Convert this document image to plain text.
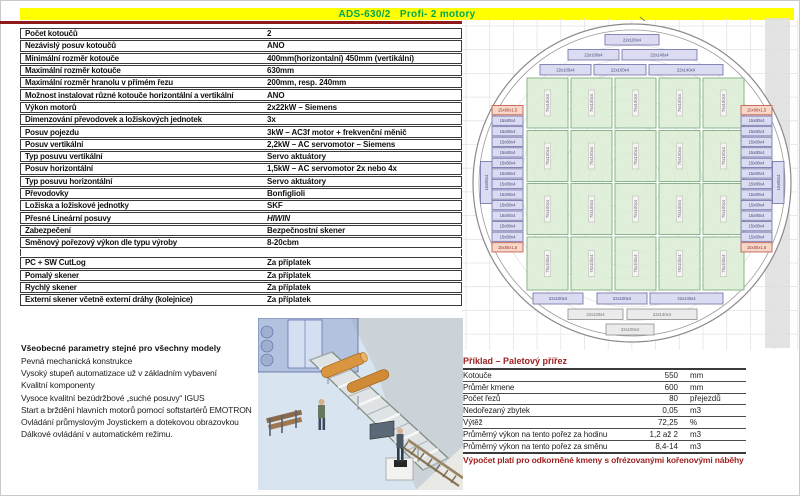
ADS-630/2   Profi- 2 motory
Počet kotoučů	2
Nezávislý posuv kotoučů	ANO
Minimální rozměr kotouče	400mm(horizontalní) 450mm (vertikální)
Maximální rozměr kotouče	630mm
Maximální rozměr hranolu v přímém řezu	200mm, resp. 240mm
Možnost instalovat různé kotouče horizontální a vertikální	ANO
Výkon motorů	2x22kW – Siemens
Dimenzování převodovek a ložiskových jednotek	3x
Posuv pojezdu	3kW – AC3f motor + frekvenční měnič
Posuv vertikální	2,2kW – AC servomotor – Siemens
Typ posuvu vertikální	Servo aktuátory
Posuv horizontální	1,5kW – AC servomotor 2x nebo 4x
Typ posuvu horizontální	Servo aktuátory
Převodovky	Bonfiglioli
Ložiska a ložiskové jednotky	SKF
Přesné Lineární posuvy	HIWIN
Zabezpečení	Bezpečnostní skener
Směnový pořezový výkon dle typu výroby	8-20cbm
PC + SW CutLog	Za příplatek
Pomalý skener	Za příplatek
Rychlý skener	Za příplatek
Externí skener včetně externí dráhy (kolejnice)	Za příplatek
Všeobecné parametry stejné pro všechny modely
Pevná mechanická konstrukce
Vysoký stupeň automatizace už v základním vybavení
Kvalitní komponenty
Vysoce kvalitní bezúdržbové „suché posuvy“ IGUS
Start a brždění hlavních motorů pomocí softstartérů EMOTRON
Ovládání průmyslovým Joystickem a dotekovou obrazovkou
Dálkové ovládání v automatickém režimu.
75x100x4	75x100x4	75x100x4	75x100x4	75x100x4
75x100x4	75x100x4	75x100x4	75x100x4	75x100x4
75x100x4	75x100x4	75x100x4	75x100x4	75x100x4
75x100x4	75x100x4	75x100x4	75x100x4	75x100x4
15x80x1,5
15x80x4
15x80x4
15x80x4
15x80x4
15x80x4
15x80x4
15x80x4
15x80x4
15x80x4
15x80x4
15x80x4
15x80x4
15x80x1,5
15x80x1,5
15x80x4
15x80x4
15x80x4
15x80x4
15x80x4
15x80x4
15x80x4
15x80x4
15x80x4
15x80x4
15x80x4
15x80x4
15x80x1,5
15x80x4	15x80x4
22x100x4
22x100x4	22x140x4
22x100x4	22x100x4	22x140x4
22x100x4	22x100x4	22x140x4
22x100x4	22x140x4
22x100x4
Příklad – Paletový přířez
Kotouče	550	mm
Průměr kmene	600	mm
Počet řezů	80	přejezdů
Nedořezaný zbytek	0,05	m3
Výtěž	72,25	%
Průměrný výkon na tento pořez za hodinu	1,2 až 2	m3
Průměrný výkon na tento pořez za směnu	8,4-14	m3
Výpočet platí pro odkorněné kmeny s ofrézovanými kořenovými náběhy
